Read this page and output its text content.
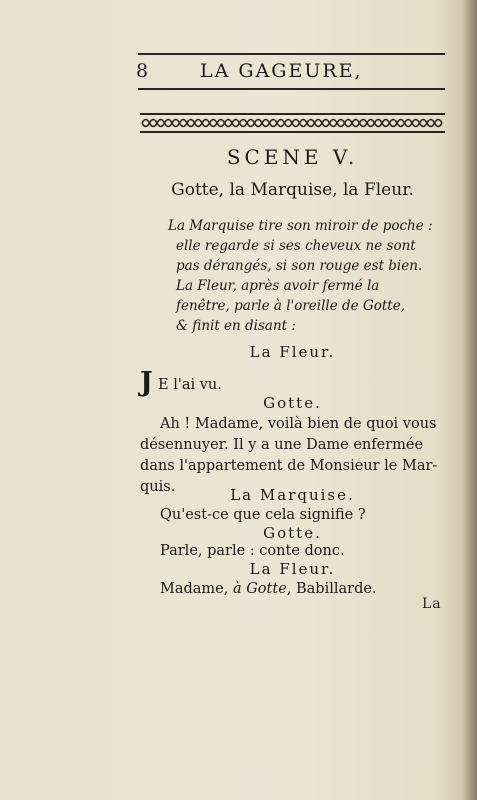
8	LA GAGEURE,
SCENE V.
Gotte, la Marquise, la Fleur.

La Marquise tire son miroir de poche :
elle regarde si ses cheveux ne sont
pas dérangés, si son rouge est bien.
La Fleur, après avoir fermé la
fenêtre, parle à l'oreille de Gotte,
& finit en disant :

La Fleur.
J E l'ai vu.
Gotte.
Ah ! Madame, voilà bien de quoi vous
désennuyer. Il y a une Dame enfermée
dans l'appartement de Monsieur le Mar-
quis.	La Marquise.
Qu'est-ce que cela signifie ?
Gotte.
Parle, parle : conte donc.
La Fleur.
Madame, à Gotte, Babillarde.
La
